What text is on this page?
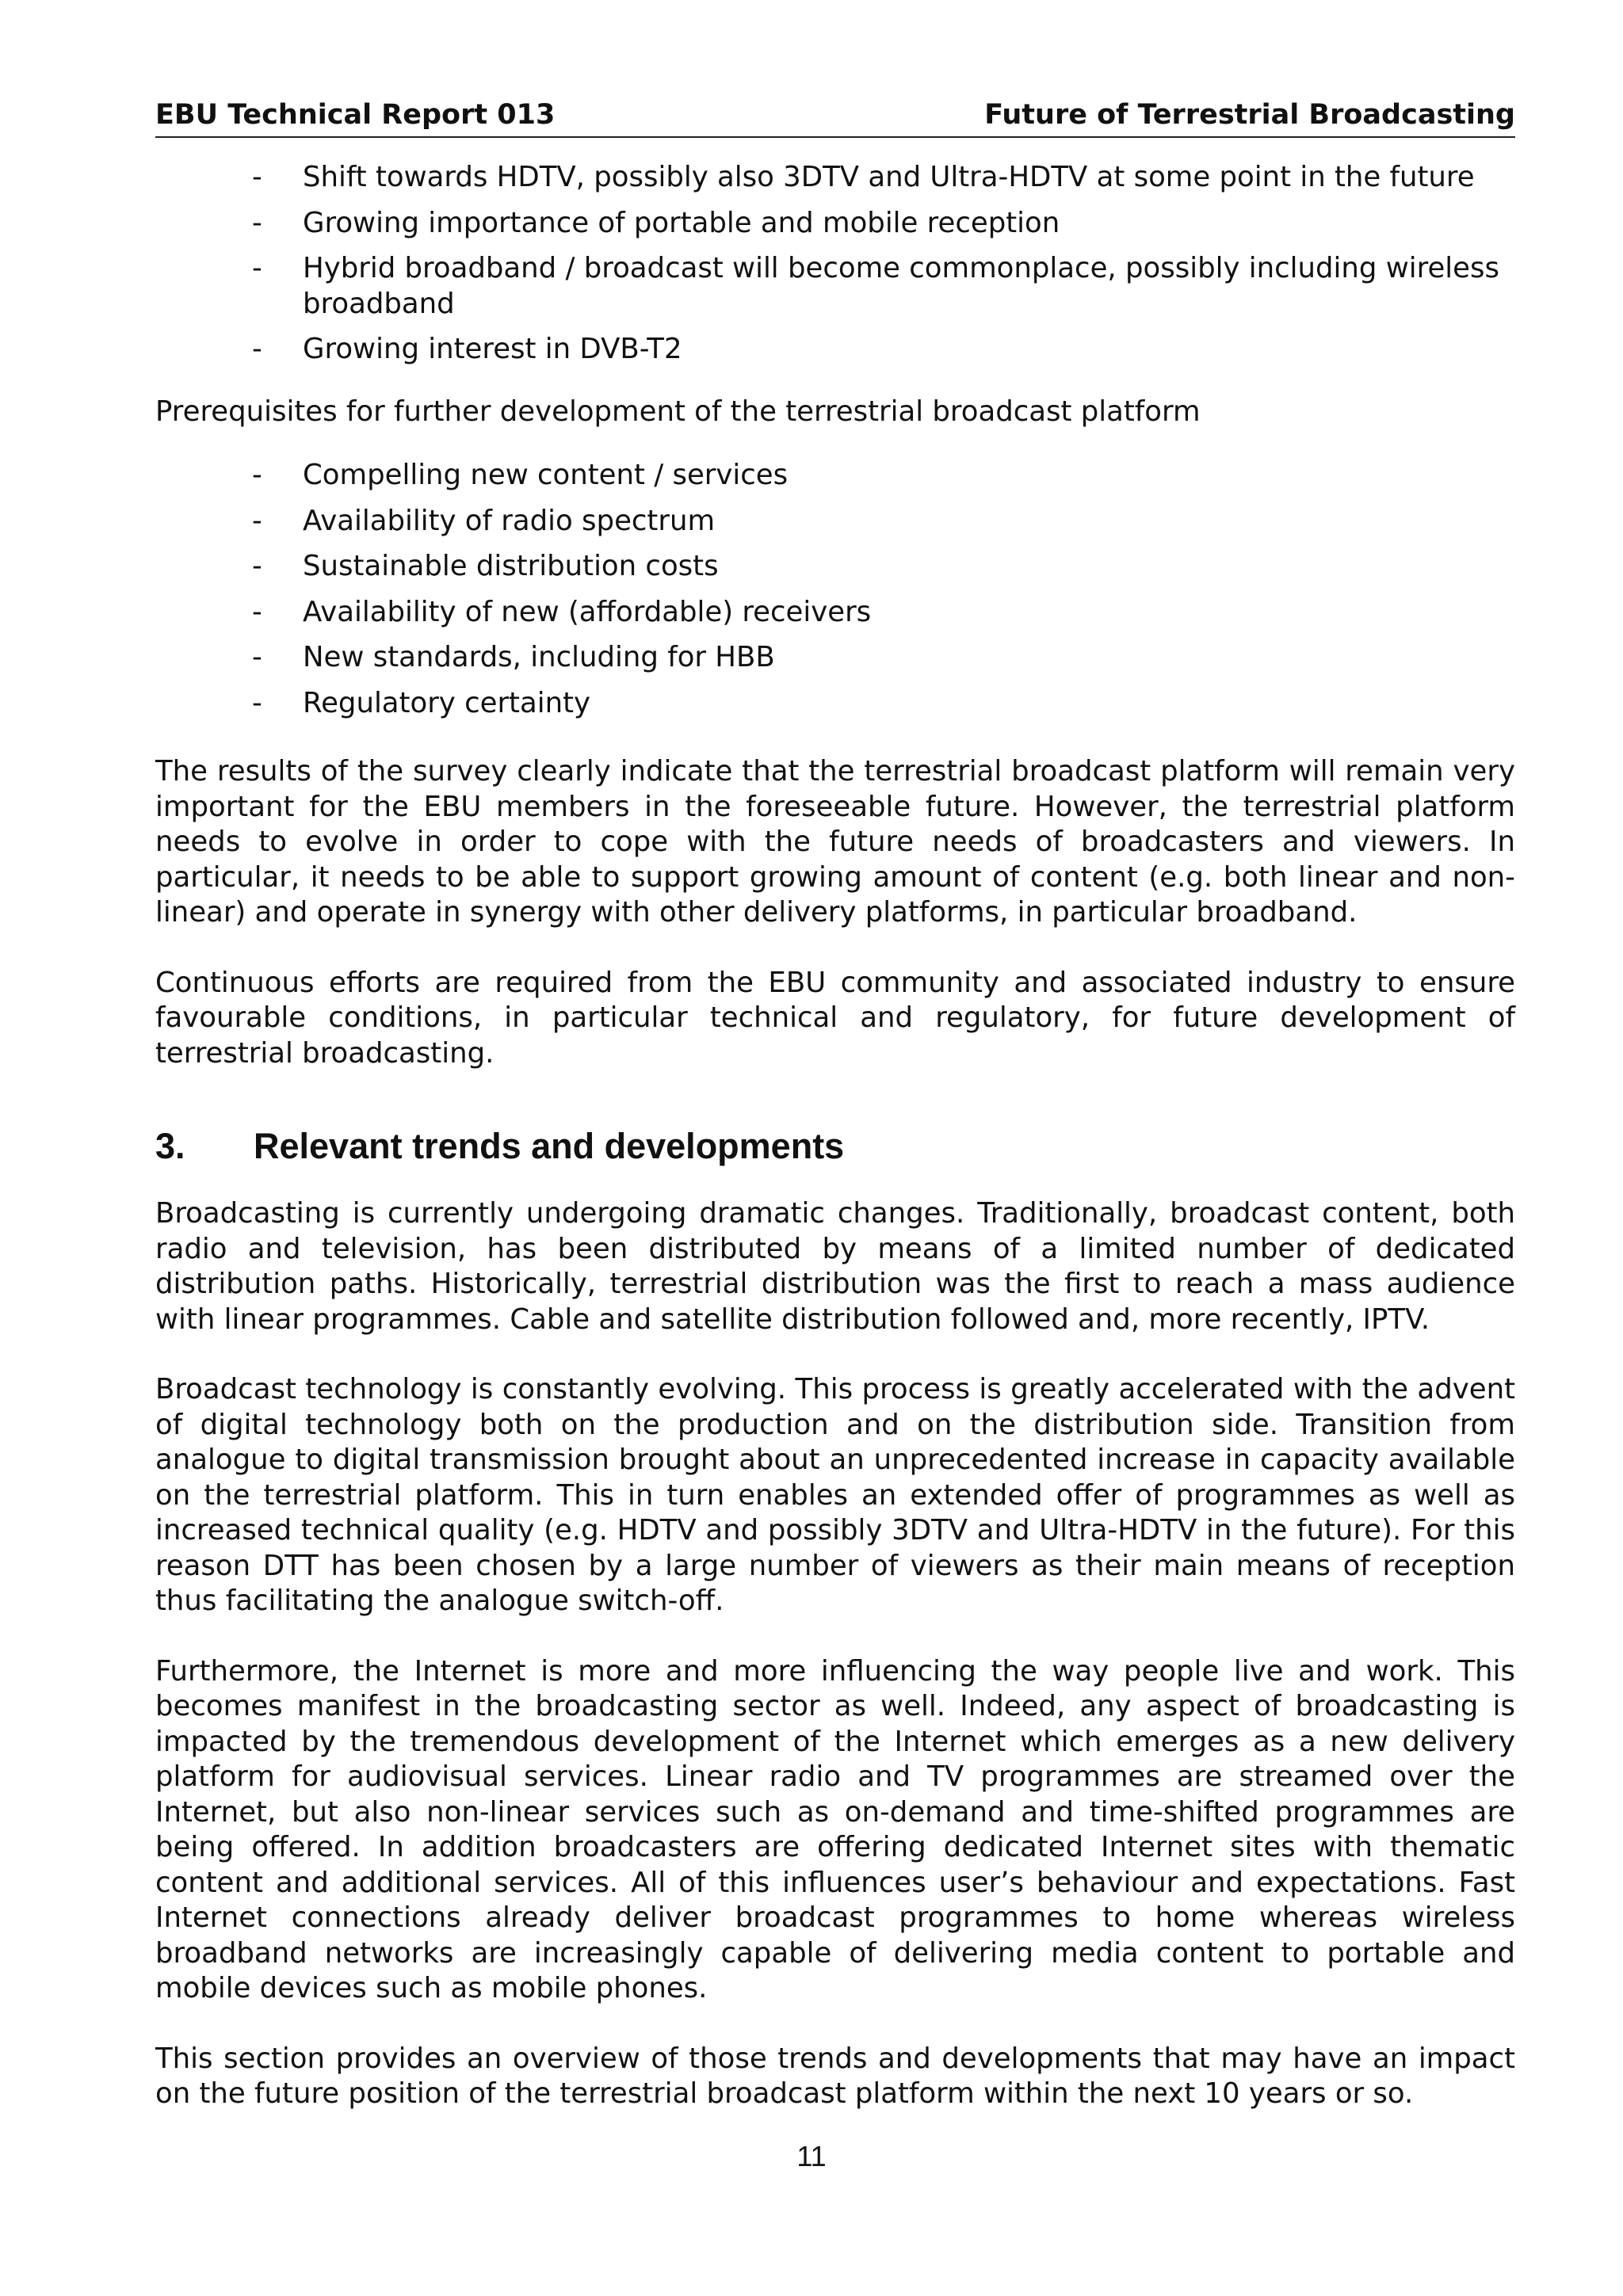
EBU Technical Report 013	Future of Terrestrial Broadcasting
- Shift towards HDTV, possibly also 3DTV and Ultra-HDTV at some point in the future
- Growing importance of portable and mobile reception
- Hybrid broadband / broadcast will become commonplace, possibly including wireless broadband
- Growing interest in DVB-T2

Prerequisites for further development of the terrestrial broadcast platform

- Compelling new content / services
- Availability of radio spectrum
- Sustainable distribution costs
- Availability of new (affordable) receivers
- New standards, including for HBB
- Regulatory certainty

The results of the survey clearly indicate that the terrestrial broadcast platform will remain very important for the EBU members in the foreseeable future. However, the terrestrial platform needs to evolve in order to cope with the future needs of broadcasters and viewers. In particular, it needs to be able to support growing amount of content (e.g. both linear and non-linear) and operate in synergy with other delivery platforms, in particular broadband.

Continuous efforts are required from the EBU community and associated industry to ensure favourable conditions, in particular technical and regulatory, for future development of terrestrial broadcasting.

3. Relevant trends and developments

Broadcasting is currently undergoing dramatic changes. Traditionally, broadcast content, both radio and television, has been distributed by means of a limited number of dedicated distribution paths. Historically, terrestrial distribution was the first to reach a mass audience with linear programmes. Cable and satellite distribution followed and, more recently, IPTV.

Broadcast technology is constantly evolving. This process is greatly accelerated with the advent of digital technology both on the production and on the distribution side. Transition from analogue to digital transmission brought about an unprecedented increase in capacity available on the terrestrial platform. This in turn enables an extended offer of programmes as well as increased technical quality (e.g. HDTV and possibly 3DTV and Ultra-HDTV in the future). For this reason DTT has been chosen by a large number of viewers as their main means of reception thus facilitating the analogue switch-off.

Furthermore, the Internet is more and more influencing the way people live and work. This becomes manifest in the broadcasting sector as well. Indeed, any aspect of broadcasting is impacted by the tremendous development of the Internet which emerges as a new delivery platform for audiovisual services. Linear radio and TV programmes are streamed over the Internet, but also non-linear services such as on-demand and time-shifted programmes are being offered. In addition broadcasters are offering dedicated Internet sites with thematic content and additional services. All of this influences user’s behaviour and expectations. Fast Internet connections already deliver broadcast programmes to home whereas wireless broadband networks are increasingly capable of delivering media content to portable and mobile devices such as mobile phones.

This section provides an overview of those trends and developments that may have an impact on the future position of the terrestrial broadcast platform within the next 10 years or so.

11
